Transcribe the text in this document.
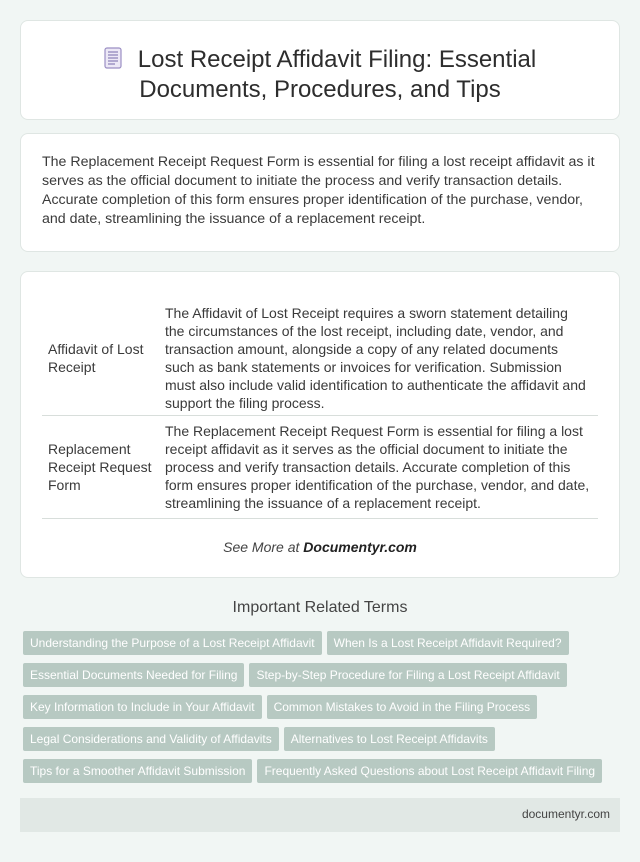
Lost Receipt Affidavit Filing: Essential
Documents, Procedures, and Tips

The Replacement Receipt Request Form is essential for filing a lost receipt affidavit as it serves as the official document to initiate the process and verify transaction details. Accurate completion of this form ensures proper identification of the purchase, vendor, and date, streamlining the issuance of a replacement receipt.

Affidavit of Lost Receipt	The Affidavit of Lost Receipt requires a sworn statement detailing the circumstances of the lost receipt, including date, vendor, and transaction amount, alongside a copy of any related documents such as bank statements or invoices for verification. Submission must also include valid identification to authenticate the affidavit and support the filing process.
Replacement Receipt Request Form	The Replacement Receipt Request Form is essential for filing a lost receipt affidavit as it serves as the official document to initiate the process and verify transaction details. Accurate completion of this form ensures proper identification of the purchase, vendor, and date, streamlining the issuance of a replacement receipt.
See More at Documentyr.com
Important Related Terms
Understanding the Purpose of a Lost Receipt Affidavit When Is a Lost Receipt Affidavit Required?
Essential Documents Needed for Filing Step-by-Step Procedure for Filing a Lost Receipt Affidavit
Key Information to Include in Your Affidavit Common Mistakes to Avoid in the Filing Process
Legal Considerations and Validity of Affidavits Alternatives to Lost Receipt Affidavits
Tips for a Smoother Affidavit Submission Frequently Asked Questions about Lost Receipt Affidavit Filing
documentyr.com
